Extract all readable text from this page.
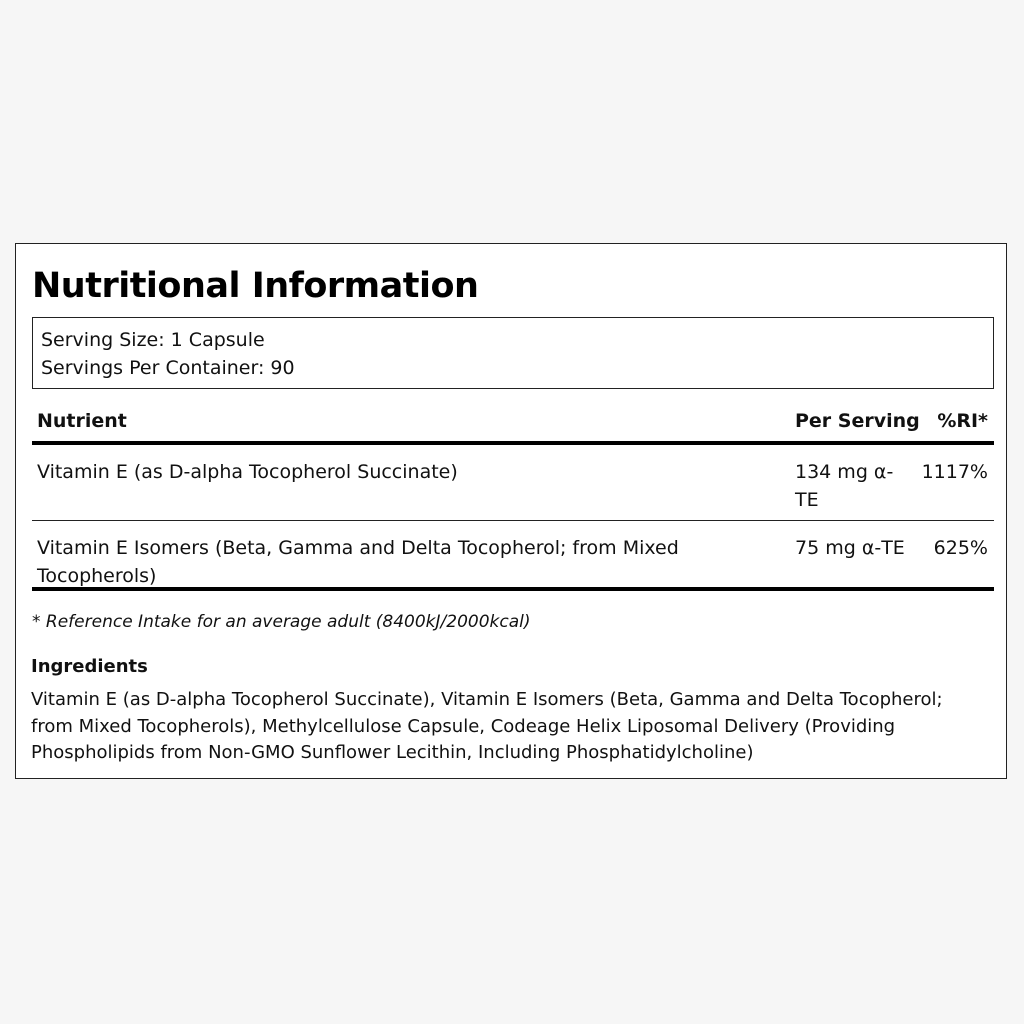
Nutritional Information
Serving Size: 1 Capsule
Servings Per Container: 90
Nutrient	Per Serving %RI*
Vitamin E (as D-alpha Tocopherol Succinate)	134 mg α-TE
1117%
Vitamin E Isomers (Beta, Gamma and Delta Tocopherol; from Mixed Tocopherols)
75 mg α-TE 625%
* Reference Intake for an average adult (8400kJ/2000kcal)
Ingredients
Vitamin E (as D-alpha Tocopherol Succinate), Vitamin E Isomers (Beta, Gamma and Delta Tocopherol; from Mixed Tocopherols), Methylcellulose Capsule, Codeage Helix Liposomal Delivery (Providing Phospholipids from Non-GMO Sunflower Lecithin, Including Phosphatidylcholine)
